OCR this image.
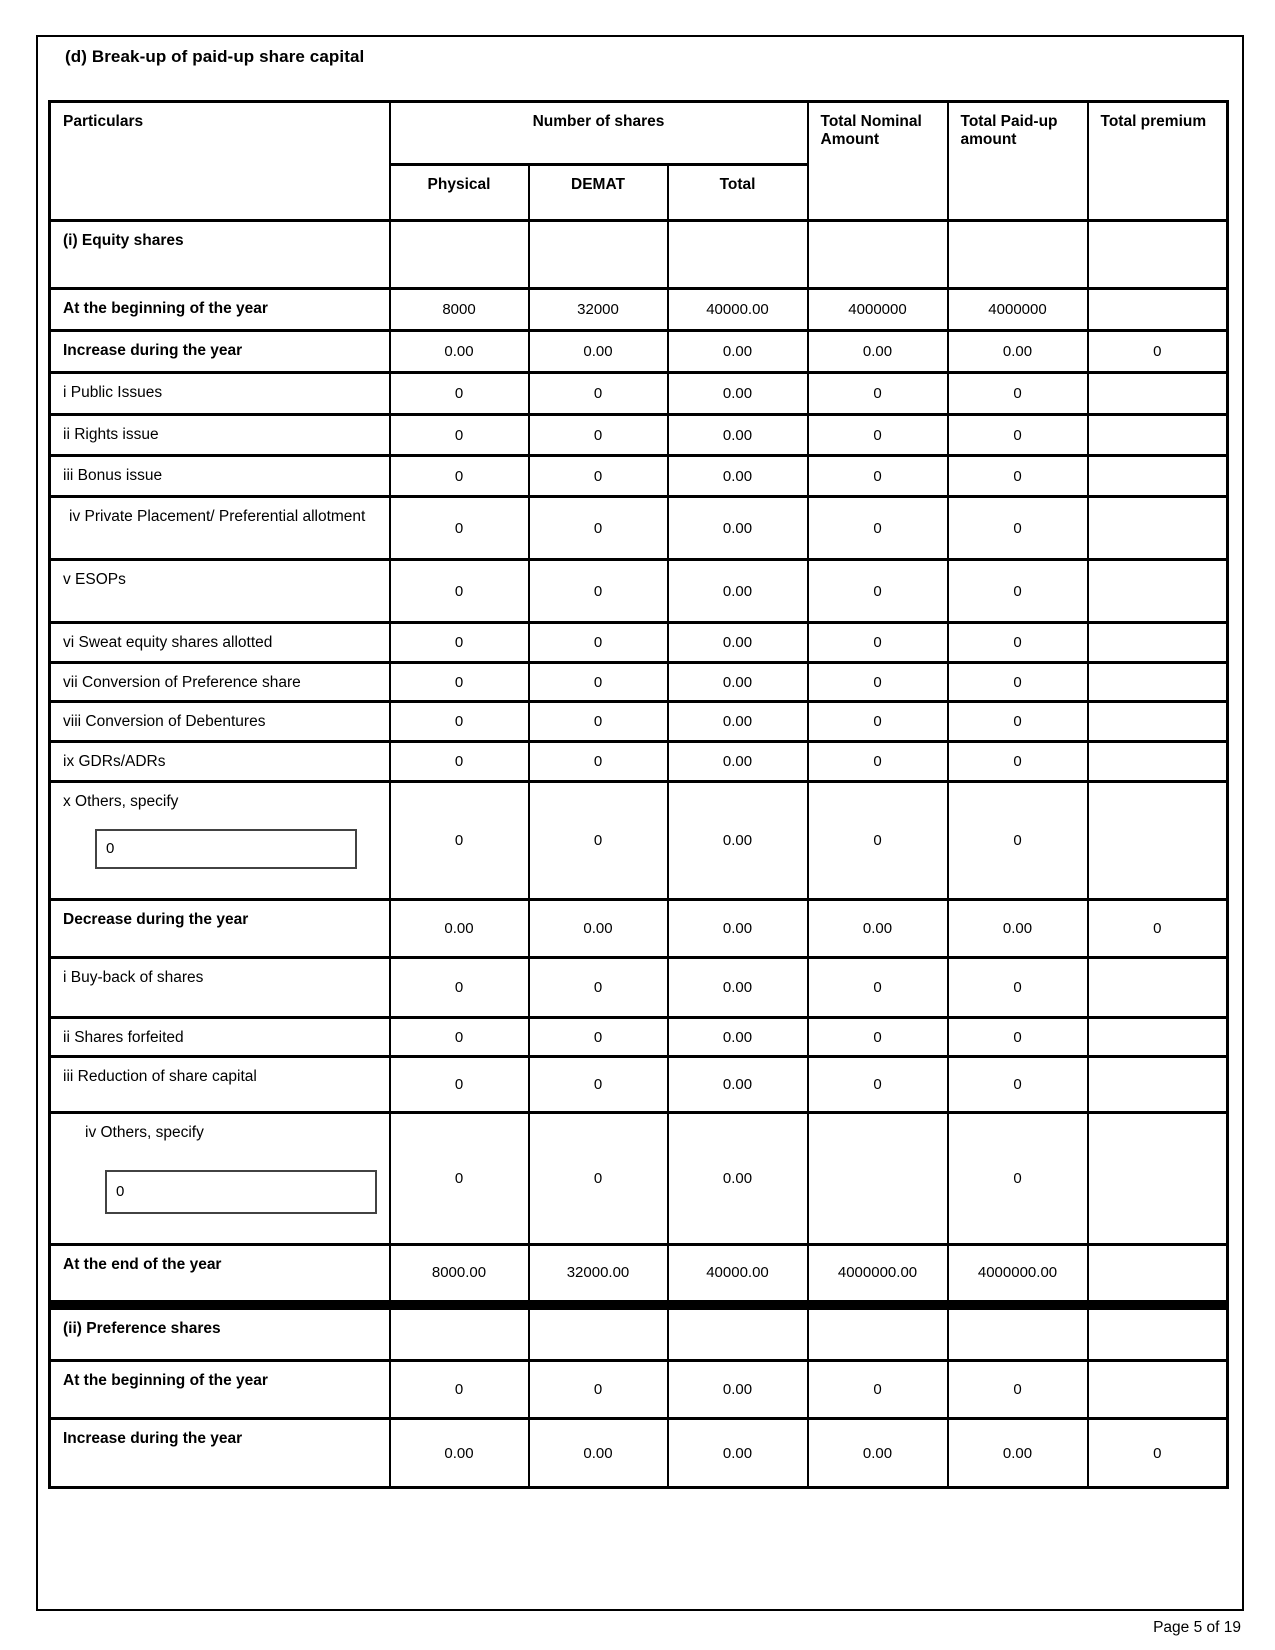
(d) Break-up of paid-up share capital
Particulars	Number of shares			Total Nominal Amount	Total Paid-up amount	Total premium
	Physical	DEMAT	Total			
(i) Equity shares						
At the beginning of the year	8000	32000	40000.00	4000000	4000000	
Increase during the year	0.00	0.00	0.00	0.00	0.00	0
i Public Issues	0	0	0.00	0	0	
ii Rights issue	0	0	0.00	0	0	
iii Bonus issue	0	0	0.00	0	0	
iv Private Placement/ Preferential allotment	0	0	0.00	0	0	
v ESOPs	0	0	0.00	0	0	
vi Sweat equity shares allotted	0	0	0.00	0	0	
vii Conversion of Preference share	0	0	0.00	0	0	
viii Conversion of Debentures	0	0	0.00	0	0	
ix GDRs/ADRs	0	0	0.00	0	0	

x Others, specify
0	0	0	0.00	0	0	
Decrease during the year	0.00	0.00	0.00	0.00	0.00	0
i Buy-back of shares	0	0	0.00	0	0	
ii Shares forfeited	0	0	0.00	0	0	
iii Reduction of share capital	0	0	0.00	0	0	

iv Others, specify
0	0	0	0.00		0	
At the end of the year	8000.00	32000.00	40000.00	4000000.00	4000000.00	
(ii) Preference shares						
At the beginning of the year	0	0	0.00	0	0	
Increase during the year	0.00	0.00	0.00	0.00	0.00	0
Page 5 of 19
